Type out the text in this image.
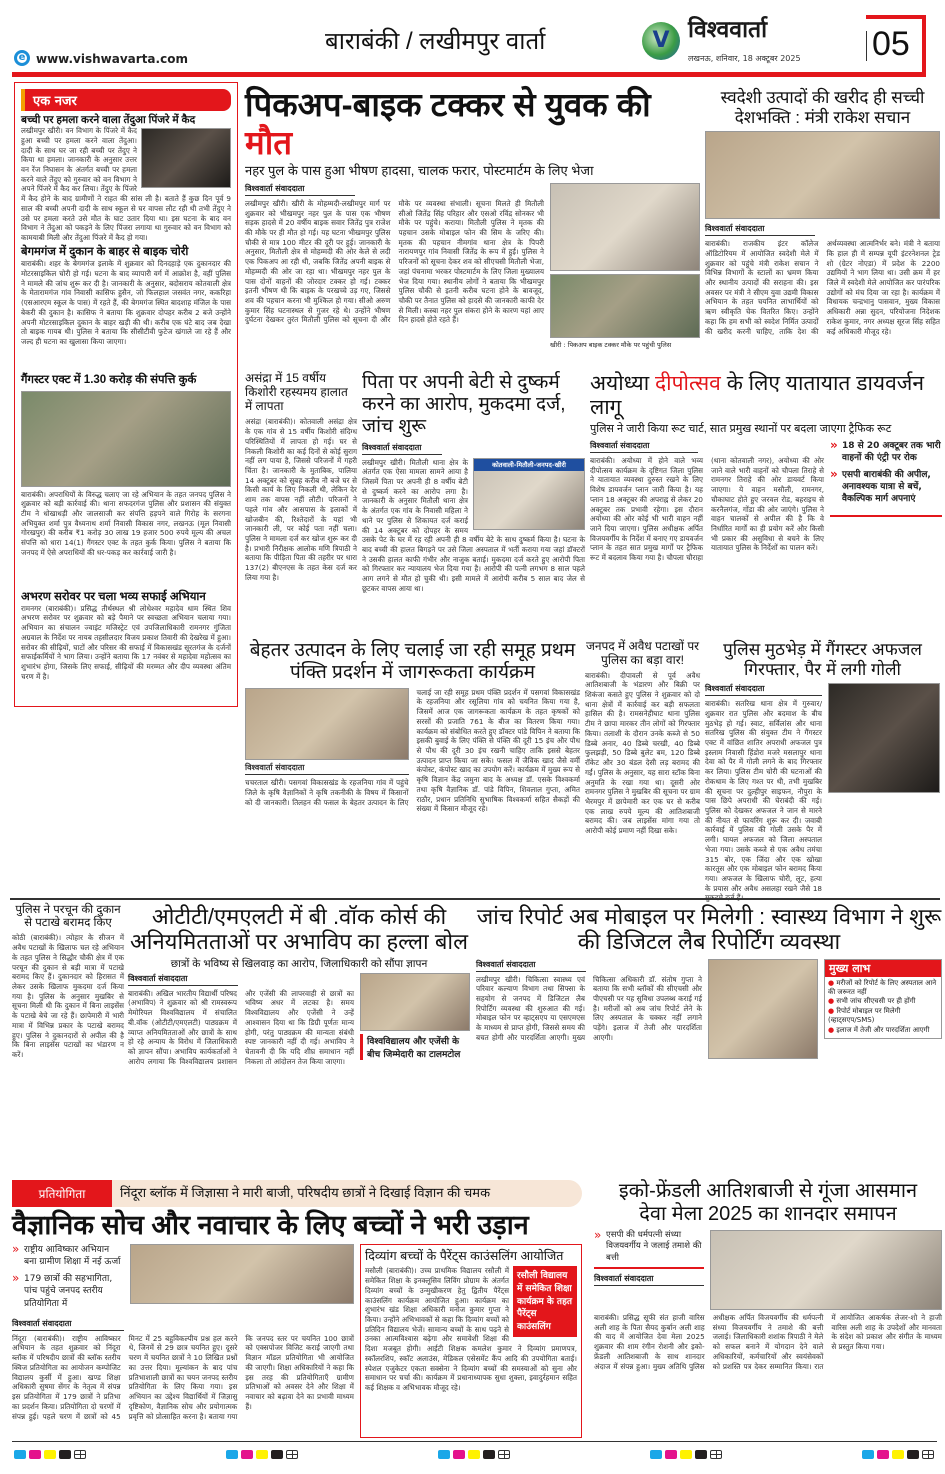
e www.vishwavarta.com
बाराबंकी / लखीमपुर वार्ता	V विश्ववार्ता
लखनऊ, शनिवार, 18 अक्टूबर 2025 05
एक नजर
बच्ची पर हमला करने वाला तेंदुआ पिंजरे में कैद
लखीमपुर खीरी। वन विभाग के पिंजरे में कैद हुआ बच्ची पर हमला करने वाला तेंदुआ। दादी के साथ घर जा रही बच्ची पर तेंदुए ने किया था हमला। जानकारी के अनुसार उत्तर वन रेंज निघासन के अंतर्गत बच्ची पर हमला करने वाले तेंदुए को गुरुवार को वन विभाग ने अपने पिंजरे में कैद कर लिया। तेंदुए के पिंजरे में कैद होने के बाद ग्रामीणों ने राहत की सांस ली है। बताते हैं कुछ दिन पूर्व 9 साल की बच्ची अपनी दादी के साथ स्कूल से घर वापस लौट रही थी तभी तेंदुए ने उसे पर हमला करते उसे मौत के घाट उतार दिया था। इस घटना के बाद वन विभाग ने तेंदुआ को पकड़ने के लिए पिंजरा लगाया था गुरुवार को वन विभाग को कामयाबी मिली और तेंदुआ पिंजरे में कैद हो गया।
बेगमगंज में दुकान के बाहर से बाइक चोरी
बाराबंकी। शहर के बेगमगंज इलाके में शुक्रवार को दिनदहाड़े एक दुकानदार की मोटरसाइकिल चोरी हो गई। घटना के बाद व्यापारी वर्ग में आक्रोश है, वहीं पुलिस ने मामले की जांच शुरू कर दी है। जानकारी के अनुसार, बदोसराय कोतवाली क्षेत्र के मेतारामगंज गांव निवासी कासिफ हुसैन, जो फिलहाल जसवंत नगर, ककरिहा (एसआरएम स्कूल के पास) में रहते हैं, की बेगमगंज स्थित बादशाह मंजिल के पास बेकरी की दुकान है। कासिफ ने बताया कि शुक्रवार दोपहर करीब 2 बजे उन्होंने अपनी मोटरसाइकिल दुकान के बाहर खड़ी की थी। करीब एक घंटे बाद जब देखा तो बाइक गायब थी। पुलिस ने बताया कि सीसीटीवी फुटेज खंगाले जा रहे हैं और जल्द ही घटना का खुलासा किया जाएगा।
गैंगस्टर एक्ट में 1.30 करोड़ की संपत्ति कुर्क
बाराबंकी। अपराधियों के विरुद्ध चलाए जा रहे अभियान के तहत जनपद पुलिस ने शुक्रवार को बड़ी कार्रवाई की। थाना सफदरगंज पुलिस और प्रशासन की संयुक्त टीम ने धोखाधड़ी और जालसाजी कर संपत्ति हड़पने वाले गिरोह के सरगना अभियुक्त शर्मा पुत्र वैध्यनाथ शर्मा निवासी विकास नगर, लखनऊ (मूल निवासी गोरखपुर) की करीब ₹1 करोड़ 30 लाख 19 हजार 500 रुपये मूल्य की अचल संपत्ति को धारा 14(1) गैंगस्टर एक्ट के तहत कुर्क किया। पुलिस ने बताया कि जनपद में ऐसे अपराधियों की धर-पकड़ कर कार्रवाई जारी है।
अभरण सरोवर पर चला भव्य सफाई अभियान
रामनगर (बाराबंकी)। प्रसिद्ध तीर्थस्थल श्री लोधेश्वर महादेव धाम स्थित शिव अभरण सरोवर पर शुक्रवार को बड़े पैमाने पर स्वच्छता अभियान चलाया गया। अभियान का संचालन ज्वाइंट मजिस्ट्रेट एवं उपजिलाधिकारी रामनगर गुंजिता अग्रवाल के निर्देश पर नायब तहसीलदार विजय प्रकाश तिवारी की देखरेख में हुआ। सरोवर की सीढ़ियों, घाटों और परिसर की सफाई में विकासखंड सूरतगंज के दर्जनों सफाईकर्मियों ने भाग लिया। उन्होंने बताया कि 17 नवंबर से महादेवा महोत्सव का शुभारंभ होगा, जिसके लिए सफाई, सीढ़ियों की मरम्मत और दीप व्यवस्था अंतिम चरण में है।
पिकअप-बाइक टक्कर से युवक की मौत
नहर पुल के पास हुआ भीषण हादसा, चालक फरार, पोस्टमार्टम के लिए भेजा
विश्ववार्ता संवाददाता
लखीमपुर खीरी। खीरी के मोहम्मदी-लखीमपुर मार्ग पर शुक्रवार को भीखमपुर नहर पुल के पास एक भीषण सड़क हादसे में 20 वर्षीय बाइक सवार जितेंद्र पुत्र राजेश की मौके पर ही मौत हो गई। यह घटना भीखमपुर पुलिस चौकी से मात्र 100 मीटर की दूरी पर हुई। जानकारी के अनुसार, मितौली क्षेत्र से मोहम्मदी की ओर केले से लदी एक पिकअप आ रही थी, जबकि जितेंद्र अपनी बाइक से मोहम्मदी की ओर जा रहा था। भीखमपुर नहर पुल के पास दोनों वाहनों की जोरदार टक्कर हो गई। टक्कर इतनी भीषण थी कि बाइक के परखच्चे उड़ गए, जिससे शव की पहचान करना भी मुश्किल हो गया। सीओ अरुण कुमार सिंह घटनास्थल से गुजर रहे थे। उन्होंने भीषण दुर्घटना देखकर तुरंत मितौली पुलिस को सूचना दी और मौके पर व्यवस्था संभाली। सूचना मिलते ही मितौली सीओ जितेंद्र सिंह परिहार और एसओ रविंद्र सोनकर भी मौके पर पहुंचे। कराया। मितौली पुलिस ने मृतक की पहचान उसके मोबाइल फोन की सिम के जरिए की। मृतक की पहचान नीमगांव थाना क्षेत्र के पिपरी नारायणपुर गांव निवासी जितेंद्र के रूप में हुई। पुलिस ने परिजनों को सूचना देकर शव को सीएचसी मितौली भेजा, जहां पंचनामा भरकर पोस्टमार्टम के लिए जिला मुख्यालय भेज दिया गया। स्थानीय लोगों ने बताया कि भीखमपुर पुलिस चौकी से इतनी करीब घटना होने के बावजूद, चौकी पर तैनात पुलिस को हादसे की जानकारी काफी देर से मिली। कस्बा नहर पुल संकरा होने के कारण यहां आए दिन हादसे होते रहते हैं।
खीरी : पिकअप बाइक टक्कर मौके पर पहुंची पुलिस
स्वदेशी उत्पादों की खरीद ही सच्ची देशभक्ति : मंत्री राकेश सचान
विश्ववार्ता संवाददाता
बाराबंकी। राजकीय इंटर कॉलेज ऑडिटोरियम में आयोजित स्वदेशी मेले में शुक्रवार को पहुंचे मंत्री राकेश सचान ने विभिन्न विभागों के स्टालों का भ्रमण किया और स्थानीय उत्पादों की सराहना की। इस अवसर पर मंत्री ने सीएम युवा उद्यमी विकास अभियान के तहत चयनित लाभार्थियों को ऋण स्वीकृति चेक वितरित किए। उन्होंने कहा कि हम सभी को स्वदेश निर्मित उत्पादों की खरीद करनी चाहिए, ताकि देश की अर्थव्यवस्था आत्मनिर्भर बने। मंत्री ने बताया कि हाल ही में सम्पन्न यूपी इंटरनेशनल ट्रेड शो (ग्रेटर नोएडा) में प्रदेश के 2200 उद्यमियों ने भाग लिया था। उसी क्रम में हर जिले में स्वदेशी मेले आयोजित कर पारंपरिक उद्योगों को मंच दिया जा रहा है। कार्यक्रम में विधायक चन्द्रभानु पासवान, मुख्य विकास अधिकारी अन्ना सुदन, परियोजना निदेशक राकेश कुमार, नगर अध्यक्ष सूरज सिंह सहित कई अधिकारी मौजूद रहे।
असंद्रा में 15 वर्षीय किशोरी रहस्यमय हालात में लापता
असंद्रा (बाराबंकी)। कोतवाली असंद्रा क्षेत्र के एक गांव से 15 वर्षीय किशोरी संदिग्ध परिस्थितियों में लापता हो गई। घर से निकली किशोरी का कई दिनों से कोई सुराग नहीं लग पाया है, जिससे परिजनों में गहरी चिंता है। जानकारी के मुताबिक, पालिया 14 अक्टूबर को सुबह करीब नौ बजे घर से किसी कार्य के लिए निकली थी, लेकिन देर शाम तक वापस नहीं लौटी। परिजनों ने पहले गांव और आसपास के इलाकों में खोजबीन की, रिश्तेदारों के यहां भी जानकारी ली, पर कोई पता नहीं चला। पुलिस ने मामला दर्ज कर खोज शुरू कर दी है। प्रभारी निरीक्षक आलोक मणि त्रिपाठी ने बताया कि पीड़िता पिता की तहरीर पर धारा 137(2) बीएनएस के तहत केस दर्ज कर लिया गया है।
पिता पर अपनी बेटी से दुष्कर्म करने का आरोप, मुकदमा दर्ज, जांच शुरू
विश्ववार्ता संवाददाता
कोतवाली-मितौली-जनपद-खीरी
लखीमपुर खीरी। मितौली थाना क्षेत्र के अंतर्गत एक ऐसा मामला सामने आया है जिसमें पिता पर अपनी ही 8 वर्षीय बेटी से दुष्कर्म करने का आरोप लगा है। जानकारी के अनुसार मितौली थाना क्षेत्र के अंतर्गत एक गांव के निवासी महिला ने थाने पर पुलिस से शिकायत दर्ज कराई की 14 अक्टूबर को दोपहर के समय उसके पेट के घर में रह रही अपनी ही 8 वर्षीय बेटे के साथ दुष्कर्म किया है। घटना के बाद बच्ची की हालत बिगड़ने पर उसे जिला अस्पताल में भर्ती कराया गया जहां डॉक्टरों ने उसकी हालत काफी गंभीर और नाजुक बताई। मुकदमा दर्ज करते हुए आरोपी पिता को गिरफ्तार कर न्यायालय भेज दिया गया है। आरोपी की पत्नी लगभग 8 साल पहले आग लगने से मौत हो चुकी थी। इसी मामले में आरोपी करीब 5 साल बाद जेल से छूटकर वापस आया था।
अयोध्या दीपोत्सव के लिए यातायात डायवर्जन लागू
पुलिस ने जारी किया रूट चार्ट, सात प्रमुख स्थानों पर बदला जाएगा ट्रैफिक रूट
विश्ववार्ता संवाददाता
बाराबंकी। अयोध्या में होने वाले भव्य दीपोत्सव कार्यक्रम के दृष्टिगत जिला पुलिस ने यातायात व्यवस्था दुरुस्त रखने के लिए विशेष डायवर्जन प्लान जारी किया है। यह प्लान 18 अक्टूबर की अपराह्न से लेकर 20 अक्टूबर तक प्रभावी रहेगा। इस दौरान अयोध्या की ओर कोई भी भारी वाहन नहीं जाने दिया जाएगा। पुलिस अधीक्षक अर्पित विजयवर्गीय के निर्देश में बनाए गए डायवर्जन प्लान के तहत सात प्रमुख मार्गों पर ट्रैफिक रूट में बदलाव किया गया है। चौपला चौराहा (थाना कोतवाली नगर), अयोध्या की ओर जाने वाले भारी वाहनों को चौपला तिराहे से रामनगर तिराहे की ओर डायवर्ट किया जाएगा। ये वाहन मसौली, रामनगर, चौकाघाट होते हुए जरवल रोड, बहराइच से करनैलगंज, गोंडा की ओर जाएंगे। पुलिस ने वाहन चालकों से अपील की है कि वे निर्धारित मार्गों का ही प्रयोग करें और किसी भी प्रकार की असुविधा से बचने के लिए यातायात पुलिस के निर्देशों का पालन करें।
» 18 से 20 अक्टूबर तक भारी वाहनों की एंट्री पर रोक
» एसपी बाराबंकी की अपील, अनावश्यक यात्रा से बचें, वैकल्पिक मार्ग अपनाएं
बेहतर उत्पादन के लिए चलाई जा रही समूह प्रथम पंक्ति प्रदर्शन में जागरूकता कार्यक्रम
विश्ववार्ता संवाददाता
चचरताल खीरी। पसगवां विकासखंड के रहजनिया गांव में पहुंचे जिले के कृषि वैज्ञानिकों ने कृषि तकनीकी के विषय में किसानों को दी जानकारी। तिलहन की फसल के बेहतर उत्पादन के लिए चलाई जा रही समूह प्रथम पंक्ति प्रदर्शन में पसगवां विकासखंड के रहजनिया और रसूलिया गांव को चयनित किया गया है, जिसमें आज एक जागरूकता कार्यक्रम के तहत कृषकों को सरसों की प्रजाति 761 के बीज का वितरण किया गया। कार्यक्रम को संबोधित करते हुए डॉक्टर पांडे विपिन ने बताया कि इसकी बुवाई के लिए पंक्ति से पंक्ति की दूरी 15 इंच और पौध से पौध की दूरी 30 इंच रखनी चाहिए ताकि इससे बेहतर उत्पादन प्राप्त किया जा सके। फसल में जैविक खाद जैसे वर्मी कंपोस्ट, कंपोस्ट खाद का उपयोग करें। कार्यक्रम में मुख्य रूप से कृषि विज्ञान केंद्र जमुना बाद के अध्यक्ष डॉ. एसके विश्वकर्मा तथा कृषि वैज्ञानिक डॉ. पांडे विपिन, शिवलाल गुप्ता, अमित राठौर, प्रधान प्रतिनिधि सुभाषिक विश्वकर्मा सहित सैकड़ों की संख्या में किसान मौजूद रहे।
जनपद में अवैध पटाखों पर पुलिस का बड़ा वार!
बाराबंकी। दीपावली से पूर्व अवैध आतिशबाजी के भंडारण और बिक्री पर शिकंजा कसते हुए पुलिस ने शुक्रवार को दो थाना क्षेत्रों में कार्रवाई कर बड़ी सफलता हासिल की है। रामसनेहीघाट थाना पुलिस टीम ने छापा मारकर तीन लोगों को गिरफ्तार किया। तलाशी के दौरान उनके कब्जे से 50 डिब्बे अनार, 40 डिब्बे चरखी, 40 डिब्बे फुलझड़ी, 50 डिब्बे बुलेट बम, 120 डिब्बे रॉकेट और 30 बंडल देसी लड़ बरामद की गईं। पुलिस के अनुसार, यह सारा स्टॉक बिना अनुमति के रखा गया था। दूसरी ओर रामनगर पुलिस ने मुखबिर की सूचना पर ग्राम भैरमपुर में छापेमारी कर एक घर से करीब एक लाख रुपये मूल्य की आतिशबाजी बरामद की। जब लाइसेंस मांगा गया तो आरोपी कोई प्रमाण नहीं दिखा सके।
पुलिस मुठभेड़ में गैंगस्टर अफजल गिरफ्तार, पैर में लगी गोली
विश्ववार्ता संवाददाता
बाराबंकी। सतरिख थाना क्षेत्र में गुरुवार/शुक्रवार रात पुलिस और बदमाश के बीच मुठभेड़ हो गई। स्वाट, सर्विलांस और थाना सतरिख पुलिस की संयुक्त टीम ने गैंगस्टर एक्ट में वांछित शातिर अपराधी अफजल पुत्र इस्लाम निवासी हिंडोरा मजरे मसलापुर थाना देवा को पैर में गोली लगने के बाद गिरफ्तार कर लिया। पुलिस टीम चोरी की घटनाओं की रोकथाम के लिए गश्त पर थी, तभी मुखबिर की सूचना पर दुल्हीपुर साइफन, नौपुरा के पास छिपे अपराधी की घेराबंदी की गई। पुलिस को देखकर अफजल ने जान से मारने की नीयत से फायरिंग शुरू कर दी। जवाबी कार्रवाई में पुलिस की गोली उसके पैर में लगी। घायल अफजल को जिला अस्पताल भेजा गया। उसके कब्जे से एक अवैध तमंचा 315 बोर, एक जिंदा और एक खोखा कारतूस और एक मोबाइल फोन बरामद किया गया। अफजल के खिलाफ चोरी, लूट, हत्या के प्रयास और अवैध असलहा रखने जैसे 18
पुलिस ने परचून की दुकान से पटाखे बरामद किए
कोठी (बाराबंकी)। त्योहार के सीजन में अवैध पटाखों के खिलाफ चल रहे अभियान के तहत पुलिस ने सिद्धौर चौकी क्षेत्र में एक परचून की दुकान से बड़ी मात्रा में पटाखे बरामद किए हैं। दुकानदार को हिरासत में लेकर उसके खिलाफ मुकदमा दर्ज किया गया है। पुलिस के अनुसार मुखबिर से सूचना मिली थी कि दुकान में बिना लाइसेंस के पटाखे बेचे जा रहे हैं। छापेमारी में भारी मात्रा में विभिन्न प्रकार के पटाखे बरामद हुए। पुलिस ने दुकानदारों से अपील की है कि बिना लाइसेंस पटाखों का भंडारण न करें।
ओटीटी/एमएलटी में बी .वॉक कोर्स की अनियमितताओं पर अभाविप का हल्ला बोल
छात्रों के भविष्य से खिलवाड़ का आरोप, जिलाधिकारी को सौंपा ज्ञापन
विश्ववार्ता संवाददाता
बाराबंकी। अखिल भारतीय विद्यार्थी परिषद (अभाविप) ने शुक्रवार को श्री रामस्वरूप मेमोरियल विश्वविद्यालय में संचालित बी.वॉक (ओटीटी/एमएलटी) पाठ्यक्रम में व्याप्त अनियमितताओं और छात्रों के साथ हो रहे अन्याय के विरोध में जिलाधिकारी को ज्ञापन सौंपा। अभाविप कार्यकर्ताओं ने आरोप लगाया कि विश्वविद्यालय प्रशासन और एजेंसी की लापरवाही से छात्रों का भविष्य अधर में लटका है। समय विश्वविद्यालय और एजेंसी ने उन्हें आश्वासन दिया था कि डिग्री पूर्णतः मान्य होगी, परंतु पाठ्यक्रम की मान्यता संबंधी स्पष्ट जानकारी नहीं दी गई। अभाविप ने चेतावनी दी कि यदि शीघ्र समाधान नहीं निकला तो आंदोलन तेज किया जाएगा।
विश्वविद्यालय और एजेंसी के बीच जिम्मेदारी का टालमटोल
जांच रिपोर्ट अब मोबाइल पर मिलेगी : स्वास्थ्य विभाग ने शुरू की डिजिटल लैब रिपोर्टिंग व्यवस्था
विश्ववार्ता संवाददाता
लखीमपुर खीरी। चिकित्सा स्वास्थ्य एवं परिवार कल्याण विभाग तथा सिफ्सा के सहयोग से जनपद में डिजिटल लैब रिपोर्टिंग व्यवस्था की शुरुआत की गई। मोबाइल फोन पर व्हाट्सएप या एसएमएस के माध्यम से प्राप्त होगी, जिससे समय की बचत होगी और पारदर्शिता आएगी। मुख्य चिकित्सा अधिकारी डॉ. संतोष गुप्ता ने बताया कि सभी ब्लॉकों की सीएचसी और पीएचसी पर यह सुविधा उपलब्ध कराई गई है। मरीजों को अब जांच रिपोर्ट लेने के लिए अस्पताल के चक्कर नहीं लगाने पड़ेंगे। इलाज में तेजी और पारदर्शिता आएगी।
मुख्य लाभ
● मरीजों को रिपोर्ट के लिए अस्पताल आने की जरूरत नहीं
● सभी जांच सीएचसी पर ही होंगी
● रिपोर्ट मोबाइल पर मिलेगी (व्हाट्सएप/SMS)
● इलाज में तेजी और पारदर्शिता आएगी
प्रतियोगिता	निंदूरा ब्लॉक में जिज्ञासा ने मारी बाजी, परिषदीय छात्रों ने दिखाई विज्ञान की चमक
वैज्ञानिक सोच और नवाचार के लिए बच्चों ने भरी उड़ान
» राष्ट्रीय आविष्कार अभियान बना ग्रामीण शिक्षा में नई ऊर्जा
» 179 छात्रों की सहभागिता, पांच पहुंचे जनपद स्तरीय प्रतियोगिता में
विश्ववार्ता संवाददाता
निंदूरा (बाराबंकी)। राष्ट्रीय आविष्कार अभियान के तहत शुक्रवार को निंदूरा ब्लॉक में परिषदीय छात्रों की ब्लॉक स्तरीय क्विज प्रतियोगिता का आयोजन कम्पोजिट विद्यालय कुर्सी में हुआ। खण्ड शिक्षा अधिकारी सुषमा सेंगर के नेतृत्व में संपन्न इस प्रतियोगिता में 179 छात्रों ने प्रतिभा का प्रदर्शन किया। प्रतियोगिता दो चरणों में संपन्न हुई। पहले चरण में छात्रों को 45 मिनट में 25 बहुविकल्पीय प्रश्न हल करने थे, जिनमें से 29 छात्र चयनित हुए। दूसरे चरण में चयनित छात्रों ने 10 लिखित प्रश्नों का उत्तर दिया। मूल्यांकन के बाद पांच प्रतिभाशाली छात्रों का चयन जनपद स्तरीय प्रतियोगिता के लिए किया गया। इस अभियान का उद्देश्य विद्यार्थियों में जिज्ञासु दृष्टिकोण, वैज्ञानिक सोच और प्रयोगात्मक प्रवृत्ति को प्रोत्साहित करना है। बताया गया कि जनपद स्तर पर चयनित 100 छात्रों को एक्सपोजर विजिट कराई जाएगी तथा विज्ञान मॉडल प्रतियोगिता भी आयोजित की जाएगी। शिक्षा अधिकारियों ने कहा कि इस तरह की प्रतियोगिताएँ ग्रामीण प्रतिभाओं को अवसर देने और शिक्षा में नवाचार को बढ़ावा देने का प्रभावी माध्यम हैं।
दिव्यांग बच्चों के पैरेंट्स काउंसलिंग आयोजित
रसौली विद्यालय में समेकित शिक्षा कार्यक्रम के तहत पैरेंट्स काउंसलिंग
मसौली (बाराबंकी)। उच्च प्राथमिक विद्यालय रसौली में समेकित शिक्षा के इनक्लूसिव लिविंग प्रोग्राम के अंतर्गत दिव्यांग बच्चों के उन्मुखीकरण हेतु द्वितीय पैरेंट्स काउंसलिंग कार्यक्रम आयोजित हुआ। कार्यक्रम का शुभारंभ खंड शिक्षा अधिकारी मनोज कुमार गुप्ता ने किया। उन्होंने अभिभावकों से कहा कि दिव्यांग बच्चों को प्रतिदिन विद्यालय भेजें। सामान्य बच्चों के साथ पढ़ने से उनका आत्मविश्वास बढ़ेगा और समावेशी शिक्षा की दिशा मजबूत होगी। आईटी शिक्षक कमलेश कुमार ने दिव्यांग प्रमाणपत्र, स्कॉलरशिप, स्कॉट अलाउंस, मेडिकल एसेसमेंट कैंप आदि की उपयोगिता बताई। स्पेशल एजुकेटर एकता सक्सेना ने दिव्यांग बच्चों की समस्याओं को सुना और समाधान पर चर्चा की। कार्यक्रम में प्रधानाध्यापक सुधा शुक्ला, इवादुर्रहमान सहित कई शिक्षक व अभिभावक मौजूद रहे।
इको-फ्रेंडली आतिशबाजी से गूंजा आसमान देवा मेला 2025 का शानदार समापन
» एसपी की धर्मपत्नी संध्या विजयवर्गीय ने जलाई तमाशे की बत्ती
विश्ववार्ता संवाददाता
बाराबंकी। प्रसिद्ध सूफी संत हाजी वारिस अली शाह के पिता सैयद कुर्बान अली शाह की याद में आयोजित देवा मेला 2025 शुक्रवार की शाम रंगीन रोशनी और इको-फ्रेंडली आतिशबाजी के साथ शानदार अंदाज में संपन्न हुआ। मुख्य अतिथि पुलिस अधीक्षक अर्पित विजयवर्गीय की धर्मपत्नी संध्या विजयवर्गीय ने तमाशे की बत्ती जलाई। जिलाधिकारी शशांक त्रिपाठी ने मेले को सफल बनाने में योगदान देने वाले अधिकारियों, कर्मचारियों और स्वयंसेवकों को प्रशस्ति पत्र देकर सम्मानित किया। रात में आयोजित आकर्षक लेजर-शो ने हाजी वारिस अली शाह के उपदेशों और मानवता के संदेश को प्रकाश और संगीत के माध्यम से प्रस्तुत किया गया।
